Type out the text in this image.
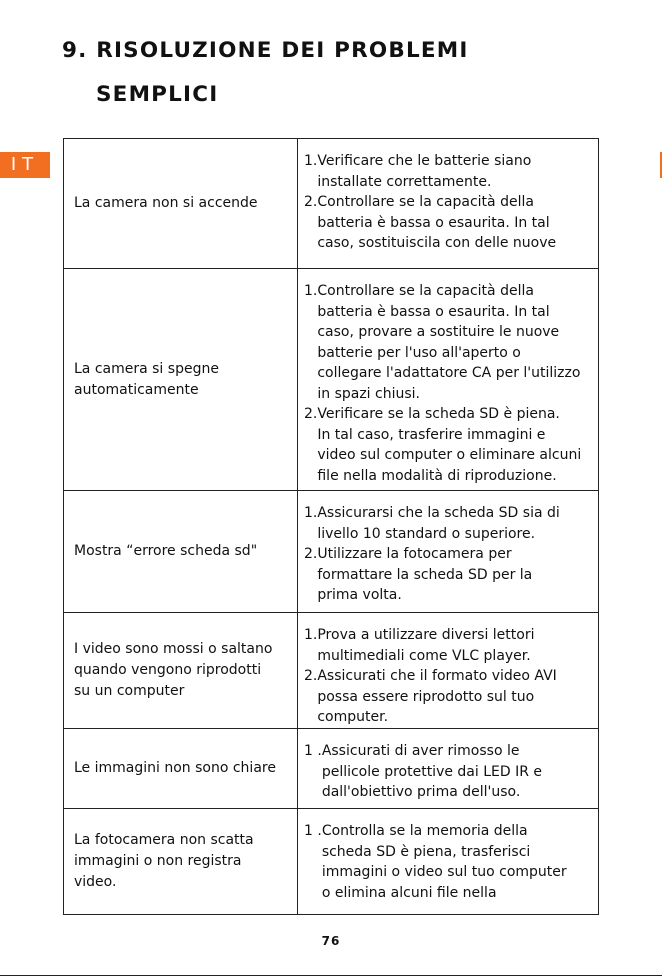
9. RISOLUZIONE DEI PROBLEMI
SEMPLICI
IT
La camera non si accende
1. Verificare che le batterie siano
installate correttamente.
2. Controllare se la capacità della
batteria è bassa o esaurita. In tal
caso, sostituiscila con delle nuove
La camera si spegne
automaticamente
1. Controllare se la capacità della
batteria è bassa o esaurita. In tal
caso, provare a sostituire le nuove
batterie per l'uso all'aperto o
collegare l'adattatore CA per l'utilizzo
in spazi chiusi.
2. Verificare se la scheda SD è piena.
In tal caso, trasferire immagini e
video sul computer o eliminare alcuni
file nella modalità di riproduzione.
Mostra “errore scheda sd"
1. Assicurarsi che la scheda SD sia di
livello 10 standard o superiore.
2. Utilizzare la fotocamera per
formattare la scheda SD per la
prima volta.
I video sono mossi o saltano
quando vengono riprodotti
su un computer
1. Prova a utilizzare diversi lettori
multimediali come VLC player.
2. Assicurati che il formato video AVI
possa essere riprodotto sul tuo
computer.
Le immagini non sono chiare
1 . Assicurati di aver rimosso le
pellicole protettive dai LED IR e
dall'obiettivo prima dell'uso.
La fotocamera non scatta
immagini o non registra
video.
1 . Controlla se la memoria della
scheda SD è piena, trasferisci
immagini o video sul tuo computer
o elimina alcuni file nella
76
